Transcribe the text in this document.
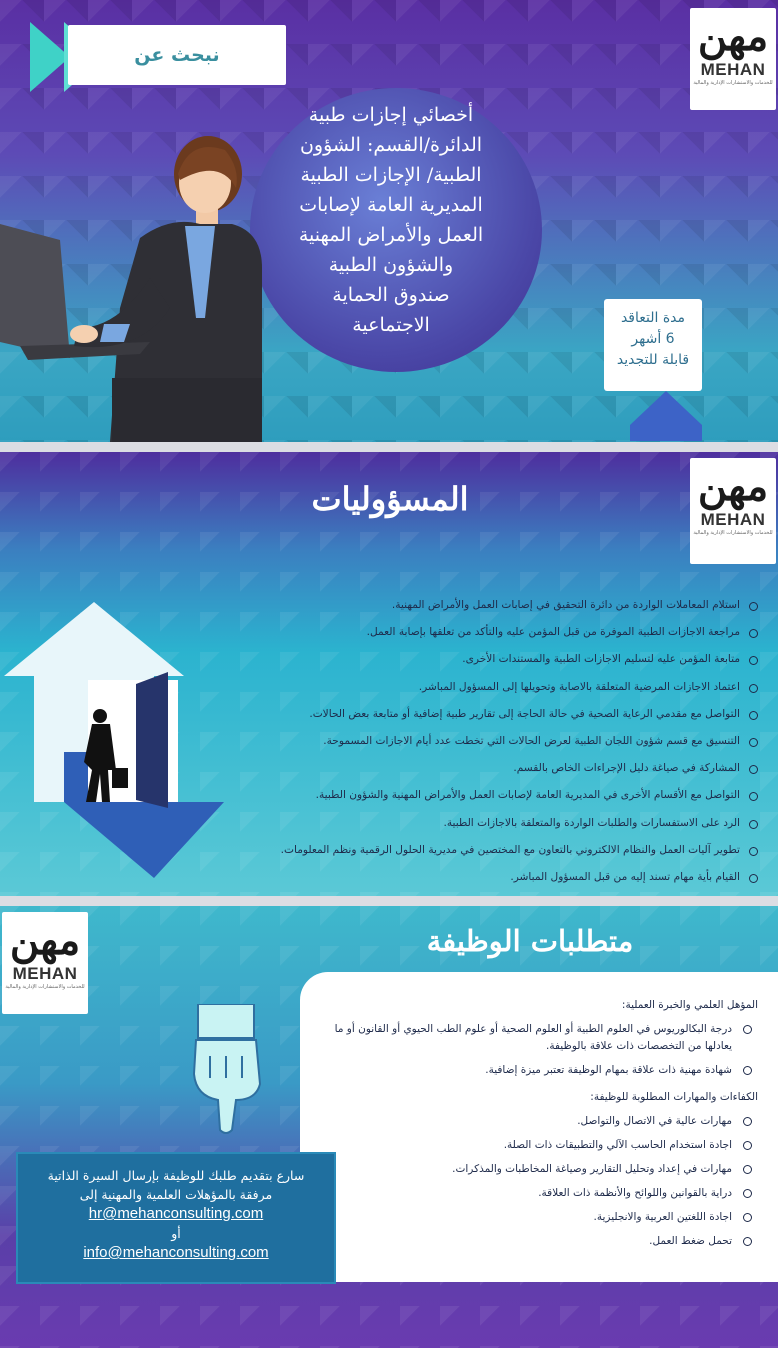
نبحث عن
أخصائي إجازات طبية
الدائرة/القسم: الشؤون
الطبية/ الإجازات الطبية
المديرية العامة لإصابات
العمل والأمراض المهنية
والشؤون الطبية
صندوق الحماية
الاجتماعية	مدة التعاقد
6 أشهر
قابلة للتجديد
مهن
MEHAN
للخدمات والاستشارات الإدارية والمالية
مهن
MEHAN
للخدمات والاستشارات الإدارية والمالية
المسؤوليات
استلام المعاملات الواردة من دائرة التحقيق في إصابات العمل والأمراض المهنية.
مراجعة الاجازات الطبية الموفرة من قبل المؤمن عليه والتأكد من تعلقها بإصابة العمل.
متابعة المؤمن عليه لتسليم الاجازات الطبية والمستندات الأخرى.
اعتماد الاجازات المرضية المتعلقة بالاصابة وتحويلها إلى المسؤول المباشر.
التواصل مع مقدمي الرعاية الصحية في حالة الحاجة إلى تقارير طبية إضافية أو متابعة بعض الحالات.
التنسيق مع قسم شؤون اللجان الطبية لعرض الحالات التي تخطت عدد أيام الاجازات المسموحة.
المشاركة في صياغة دليل الإجراءات الخاص بالقسم.
التواصل مع الأقسام الأخرى في المديرية العامة لإصابات العمل والأمراض المهنية والشؤون الطبية.
الرد على الاستفسارات والطلبات الواردة والمتعلقة بالاجازات الطبية.
تطوير آليات العمل والنظام الالكتروني بالتعاون مع المختصين في مديرية الحلول الرقمية ونظم المعلومات.
القيام بأية مهام تسند إليه من قبل المسؤول المباشر.
مهن
MEHAN
للخدمات والاستشارات الإدارية والمالية
متطلبات الوظيفة
المؤهل العلمي والخبرة العملية:
درجة البكالوريوس في العلوم الطبية أو العلوم الصحية أو علوم الطب الحيوي أو القانون أو ما يعادلها من التخصصات ذات علاقة بالوظيفة.
شهادة مهنية ذات علاقة بمهام الوظيفة تعتبر ميزة إضافية.
الكفاءات والمهارات المطلوبة للوظيفة:
مهارات عالية في الاتصال والتواصل.
اجادة استخدام الحاسب الآلي والتطبيقات ذات الصلة.
مهارات في إعداد وتحليل التقارير وصياغة المخاطبات والمذكرات.
دراية بالقوانين واللوائح والأنظمة ذات العلاقة.
اجادة اللغتين العربية والانجليزية.
تحمل ضغط العمل.
سارع بتقديم طلبك للوظيفة بإرسال السيرة الذاتية
مرفقة بالمؤهلات العلمية والمهنية إلى
hr@mehanconsulting.com
أو
info@mehanconsulting.com
